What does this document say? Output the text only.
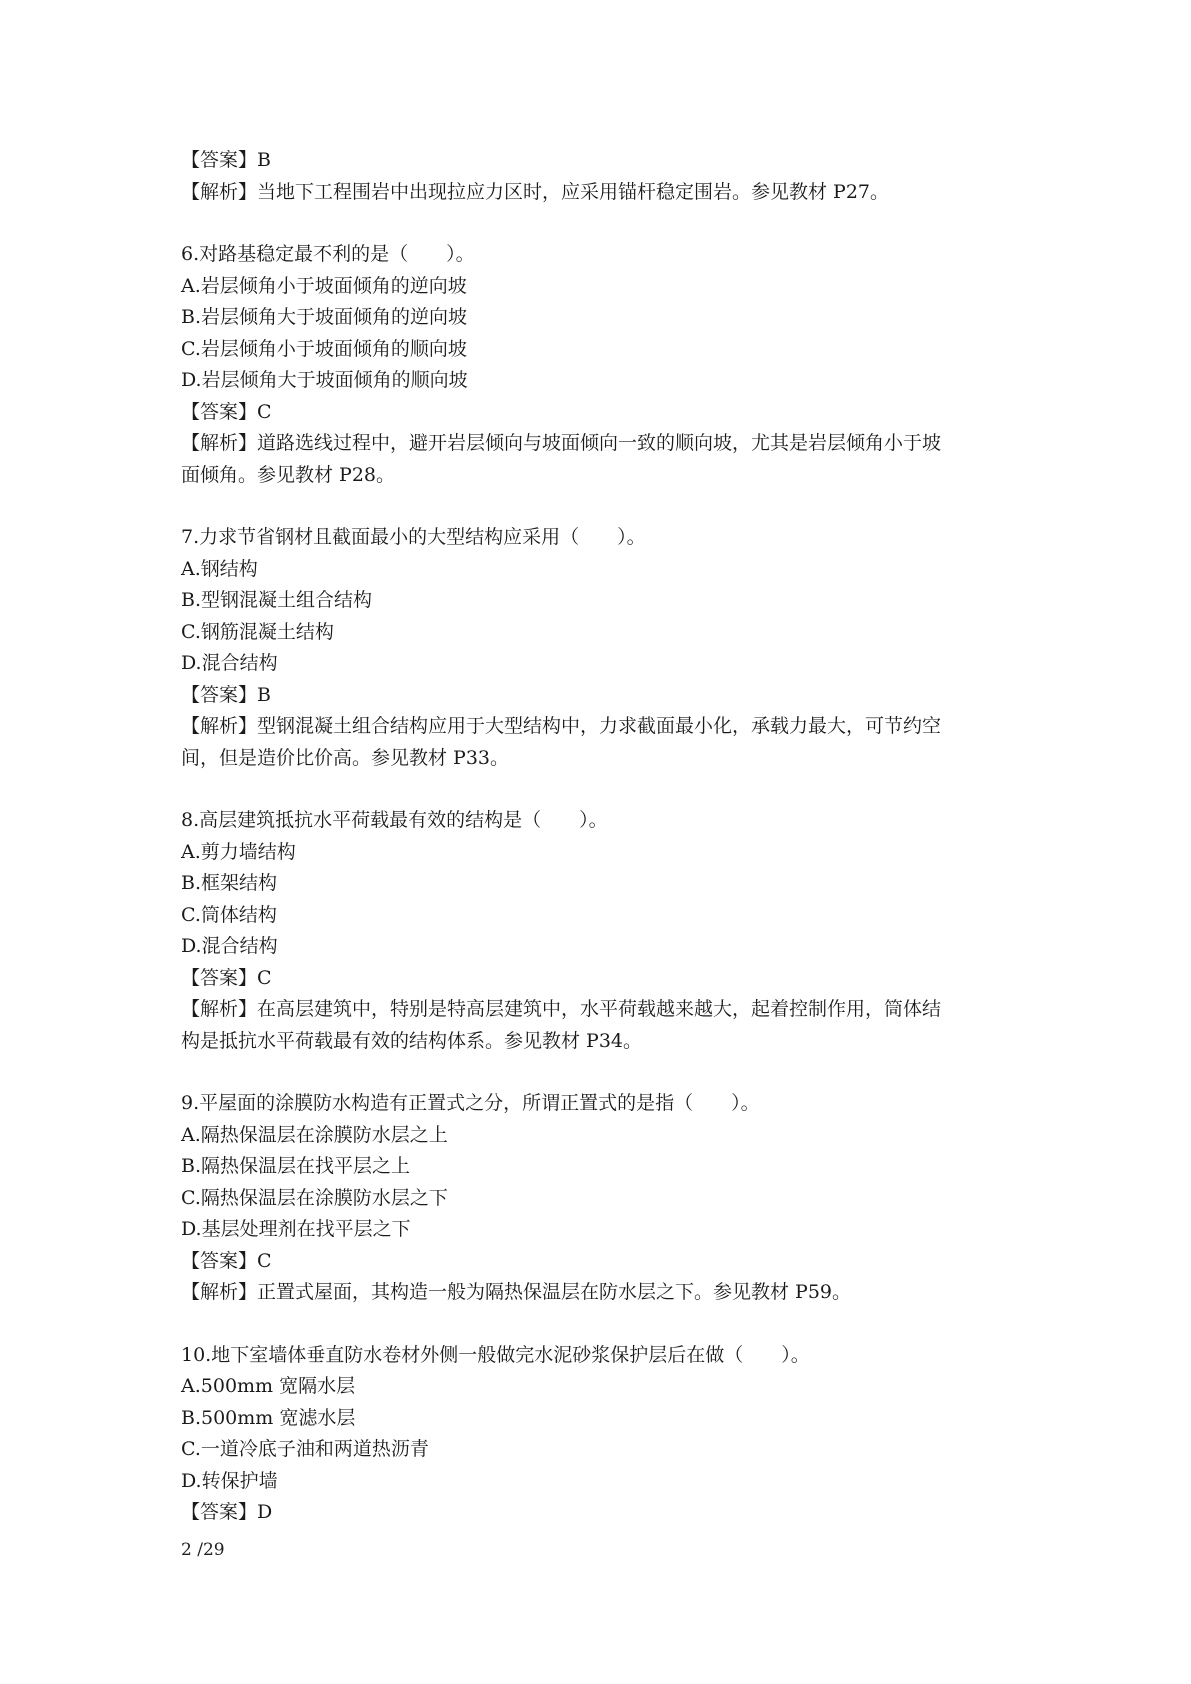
【答案】B
【解析】当地下工程围岩中出现拉应力区时，应采用锚杆稳定围岩。参见教材 P27。
6.对路基稳定最不利的是（　　）。
A.岩层倾角小于坡面倾角的逆向坡
B.岩层倾角大于坡面倾角的逆向坡
C.岩层倾角小于坡面倾角的顺向坡
D.岩层倾角大于坡面倾角的顺向坡
【答案】C
【解析】道路选线过程中，避开岩层倾向与坡面倾向一致的顺向坡，尤其是岩层倾角小于坡
面倾角。参见教材 P28。
7.力求节省钢材且截面最小的大型结构应采用（　　）。
A.钢结构
B.型钢混凝土组合结构
C.钢筋混凝土结构
D.混合结构
【答案】B
【解析】型钢混凝土组合结构应用于大型结构中，力求截面最小化，承载力最大，可节约空
间，但是造价比价高。参见教材 P33。
8.高层建筑抵抗水平荷载最有效的结构是（　　）。
A.剪力墙结构
B.框架结构
C.筒体结构
D.混合结构
【答案】C
【解析】在高层建筑中，特别是特高层建筑中，水平荷载越来越大，起着控制作用，筒体结
构是抵抗水平荷载最有效的结构体系。参见教材 P34。
9.平屋面的涂膜防水构造有正置式之分，所谓正置式的是指（　　）。
A.隔热保温层在涂膜防水层之上
B.隔热保温层在找平层之上
C.隔热保温层在涂膜防水层之下
D.基层处理剂在找平层之下
【答案】C
【解析】正置式屋面，其构造一般为隔热保温层在防水层之下。参见教材 P59。
10.地下室墙体垂直防水卷材外侧一般做完水泥砂浆保护层后在做（　　）。
A.500mm 宽隔水层
B.500mm 宽滤水层
C.一道冷底子油和两道热沥青
D.转保护墙
【答案】D
2 /29
